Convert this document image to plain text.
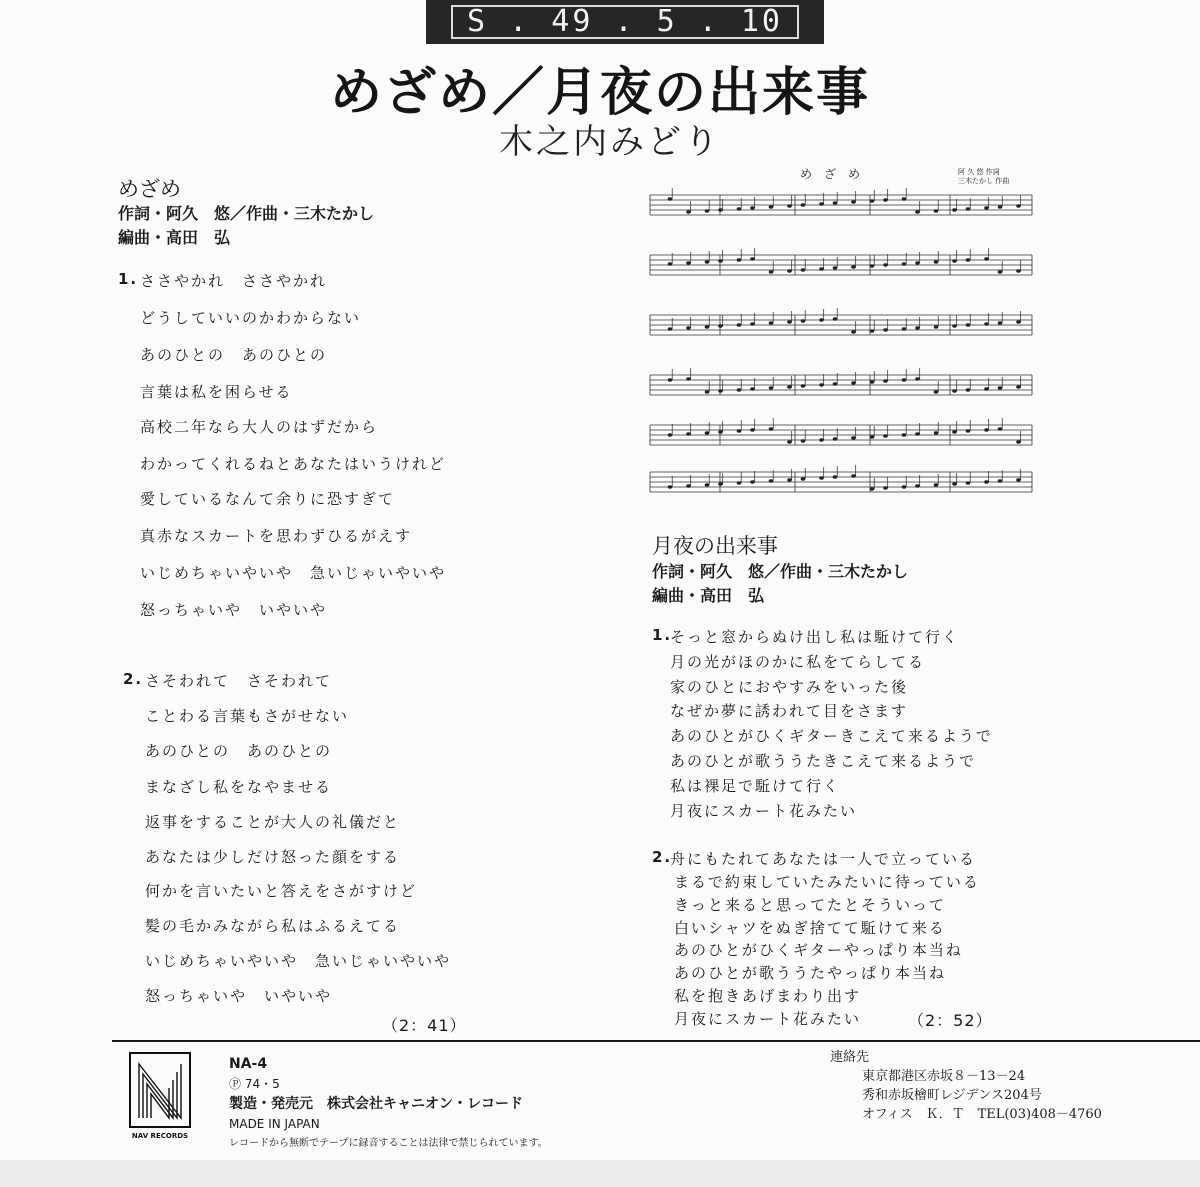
S . 49 . 5 . 10
めざめ／月夜の出来事
木之内みどり
めざめ
作詞・阿久　悠／作曲・三木たかし
編曲・高田　弘
1. ささやかれ　ささやかれ
どうしていいのかわからない
あのひとの　あのひとの
言葉は私を困らせる
高校二年なら大人のはずだから
わかってくれるねとあなたはいうけれど
愛しているなんて余りに恐すぎて
真赤なスカートを思わずひるがえす
いじめちゃいやいや　急いじゃいやいや
怒っちゃいや　いやいや
2. さそわれて　さそわれて
ことわる言葉もさがせない
あのひとの　あのひとの
まなざし私をなやませる
返事をすることが大人の礼儀だと
あなたは少しだけ怒った顔をする
何かを言いたいと答えをさがすけど
髪の毛かみながら私はふるえてる
いじめちゃいやいや　急いじゃいやいや
怒っちゃいや　いやいや
（2：41）
め　ざ　め	阿 久 悠 作詞
三木たかし 作曲
月夜の出来事
作詞・阿久　悠／作曲・三木たかし
編曲・高田　弘
1.
そっと窓からぬけ出し私は駈けて行く
月の光がほのかに私をてらしてる
家のひとにおやすみをいった後
なぜか夢に誘われて目をさます
あのひとがひくギターきこえて来るようで
あのひとが歌ううたきこえて来るようで
私は裸足で駈けて行く
月夜にスカート花みたい
2.
舟にもたれてあなたは一人で立っている
まるで約束していたみたいに待っている
きっと来ると思ってたとそういって
白いシャツをぬぎ捨てて駈けて来る
あのひとがひくギターやっぱり本当ね
あのひとが歌ううたやっぱり本当ね
私を抱きあげまわり出す
月夜にスカート花みたい	（2：52）
NAV RECORDS
NA-4
Ⓟ 74・5
製造・発売元　株式会社キャニオン・レコード
MADE IN JAPAN
レコードから無断でテープに録音することは法律で禁じられています。
連絡先
東京都港区赤坂８－13－24
秀和赤坂檜町レジデンス204号
オフィス　Ｋ．Ｔ　TEL(03)408－4760
